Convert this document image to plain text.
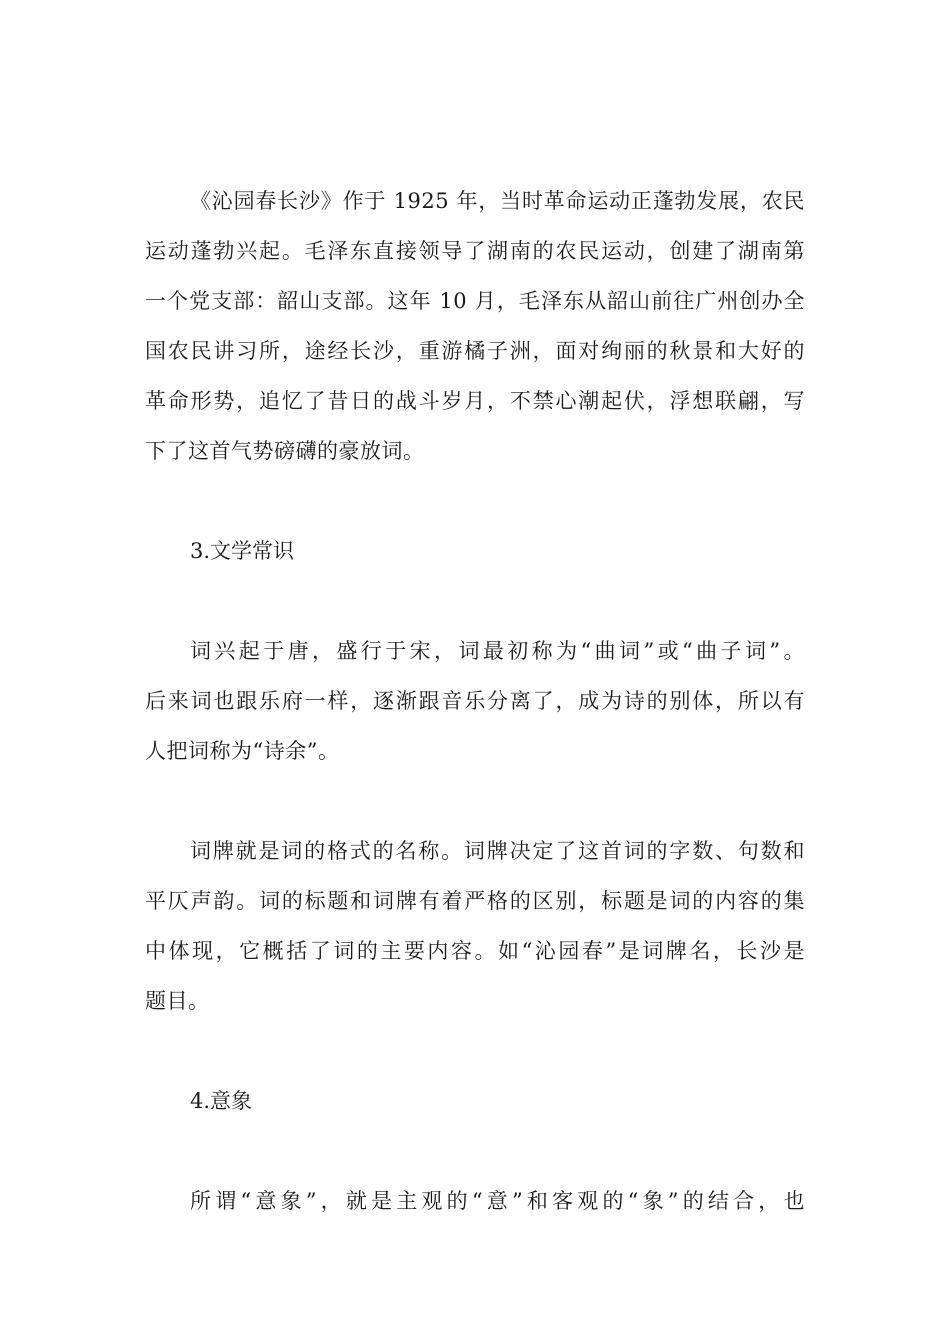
《沁园春长沙》作于 1925 年，当时革命运动正蓬勃发展，农民
运动蓬勃兴起。毛泽东直接领导了湖南的农民运动，创建了湖南第
一个党支部：韶山支部。这年 10 月，毛泽东从韶山前往广州创办全
国农民讲习所，途经长沙，重游橘子洲，面对绚丽的秋景和大好的
革命形势，追忆了昔日的战斗岁月，不禁心潮起伏，浮想联翩，写
下了这首气势磅礴的豪放词。
3.文学常识
词兴起于唐，盛行于宋，词最初称为“曲词”或“曲子词”。
后来词也跟乐府一样，逐渐跟音乐分离了，成为诗的别体，所以有
人把词称为“诗余”。
词牌就是词的格式的名称。词牌决定了这首词的字数、句数和
平仄声韵。词的标题和词牌有着严格的区别，标题是词的内容的集
中体现，它概括了词的主要内容。如“沁园春”是词牌名，长沙是
题目。
4.意象
所谓“意象”，就是主观的“意”和客观的“象”的结合，也
